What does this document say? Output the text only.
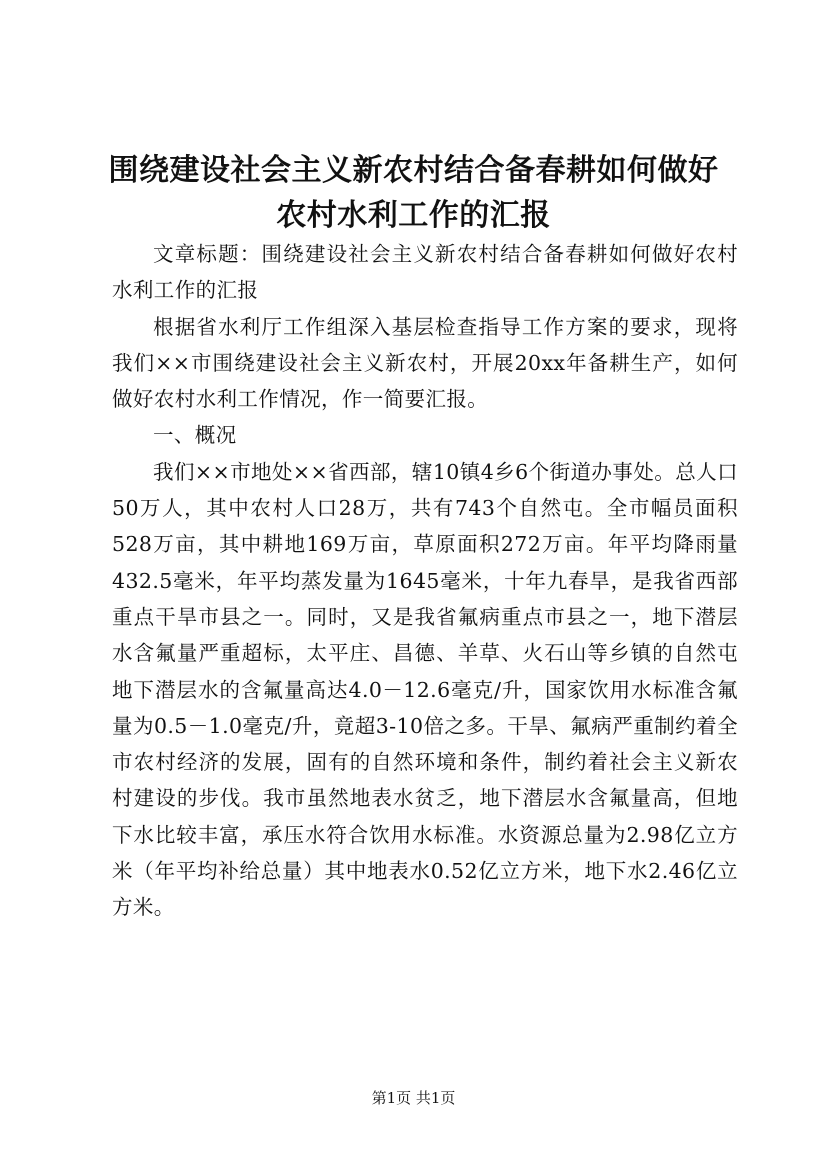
围绕建设社会主义新农村结合备春耕如何做好
农村水利工作的汇报

文章标题：围绕建设社会主义新农村结合备春耕如何做好农村水利工作的汇报

根据省水利厅工作组深入基层检查指导工作方案的要求，现将我们××市围绕建设社会主义新农村，开展20xx年备耕生产，如何做好农村水利工作情况，作一简要汇报。

一、概况

我们××市地处××省西部，辖10镇4乡6个街道办事处。总人口50万人，其中农村人口28万，共有743个自然屯。全市幅员面积528万亩，其中耕地169万亩，草原面积272万亩。年平均降雨量432.5毫米，年平均蒸发量为1645毫米，十年九春旱，是我省西部重点干旱市县之一。同时，又是我省氟病重点市县之一，地下潜层水含氟量严重超标，太平庄、昌德、羊草、火石山等乡镇的自然屯地下潜层水的含氟量高达4.0－12.6毫克/升，国家饮用水标准含氟量为0.5－1.0毫克/升，竟超3-10倍之多。干旱、氟病严重制约着全市农村经济的发展，固有的自然环境和条件，制约着社会主义新农村建设的步伐。我市虽然地表水贫乏，地下潜层水含氟量高，但地下水比较丰富，承压水符合饮用水标准。水资源总量为2.98亿立方米（年平均补给总量）其中地表水0.52亿立方米，地下水2.46亿立方米。

第1页 共1页
